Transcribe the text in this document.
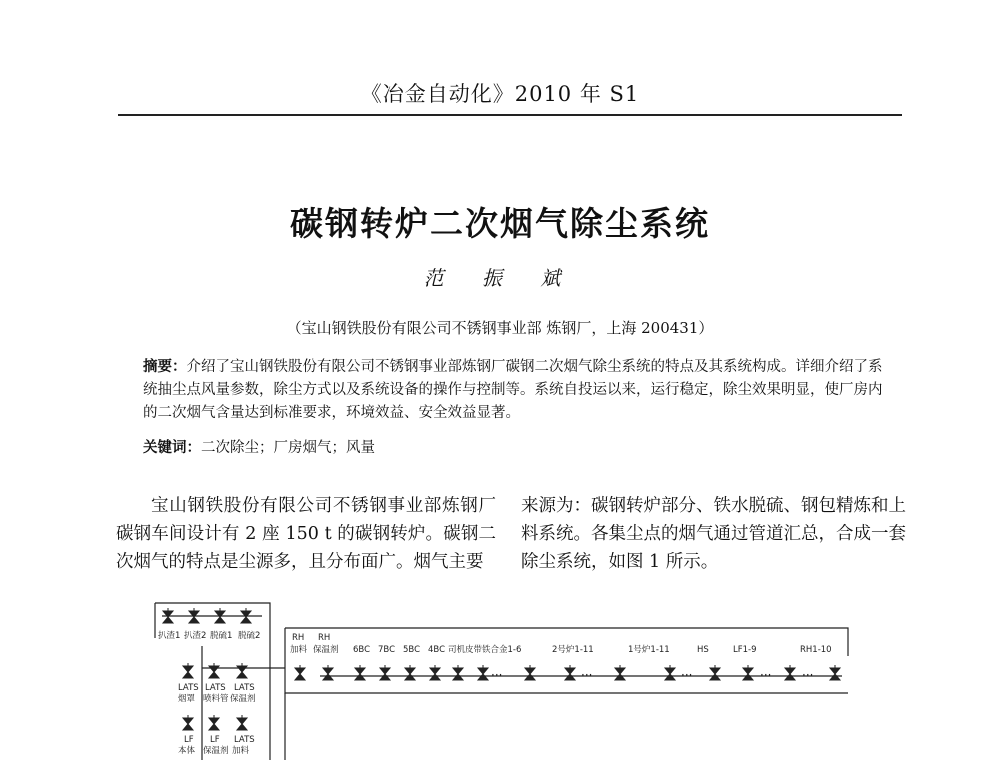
《冶金自动化》2010 年 S1
碳钢转炉二次烟气除尘系统
范 振 斌
（宝山钢铁股份有限公司不锈钢事业部 炼钢厂，上海 200431）
摘要：介绍了宝山钢铁股份有限公司不锈钢事业部炼钢厂碳钢二次烟气除尘系统的特点及其系统构成。详细介绍了系统抽尘点风量参数，除尘方式以及系统设备的操作与控制等。系统自投运以来，运行稳定，除尘效果明显，使厂房内的二次烟气含量达到标准要求，环境效益、安全效益显著。
关键词：二次除尘；厂房烟气；风量
宝山钢铁股份有限公司不锈钢事业部炼钢厂碳钢车间设计有 2 座 150 t 的碳钢转炉。碳钢二次烟气的特点是尘源多，且分布面广。烟气主要
来源为：碳钢转炉部分、铁水脱硫、钢包精炼和上料系统。各集尘点的烟气通过管道汇总，合成一套除尘系统，如图 1 所示。
···	···	···	···	···
扒渣1 扒渣2 脱硫1 脱硫2
LATS LATS LATS
烟罩 喷料管 保温剂
LF LF LATS
本体 保温剂 加料
RH RH
加料 保温剂 6BC 7BC 5BC 4BC 司机皮带 铁合金1-6	2号炉1-11	1号炉1-11	HS	LF1-9	RH1-10
